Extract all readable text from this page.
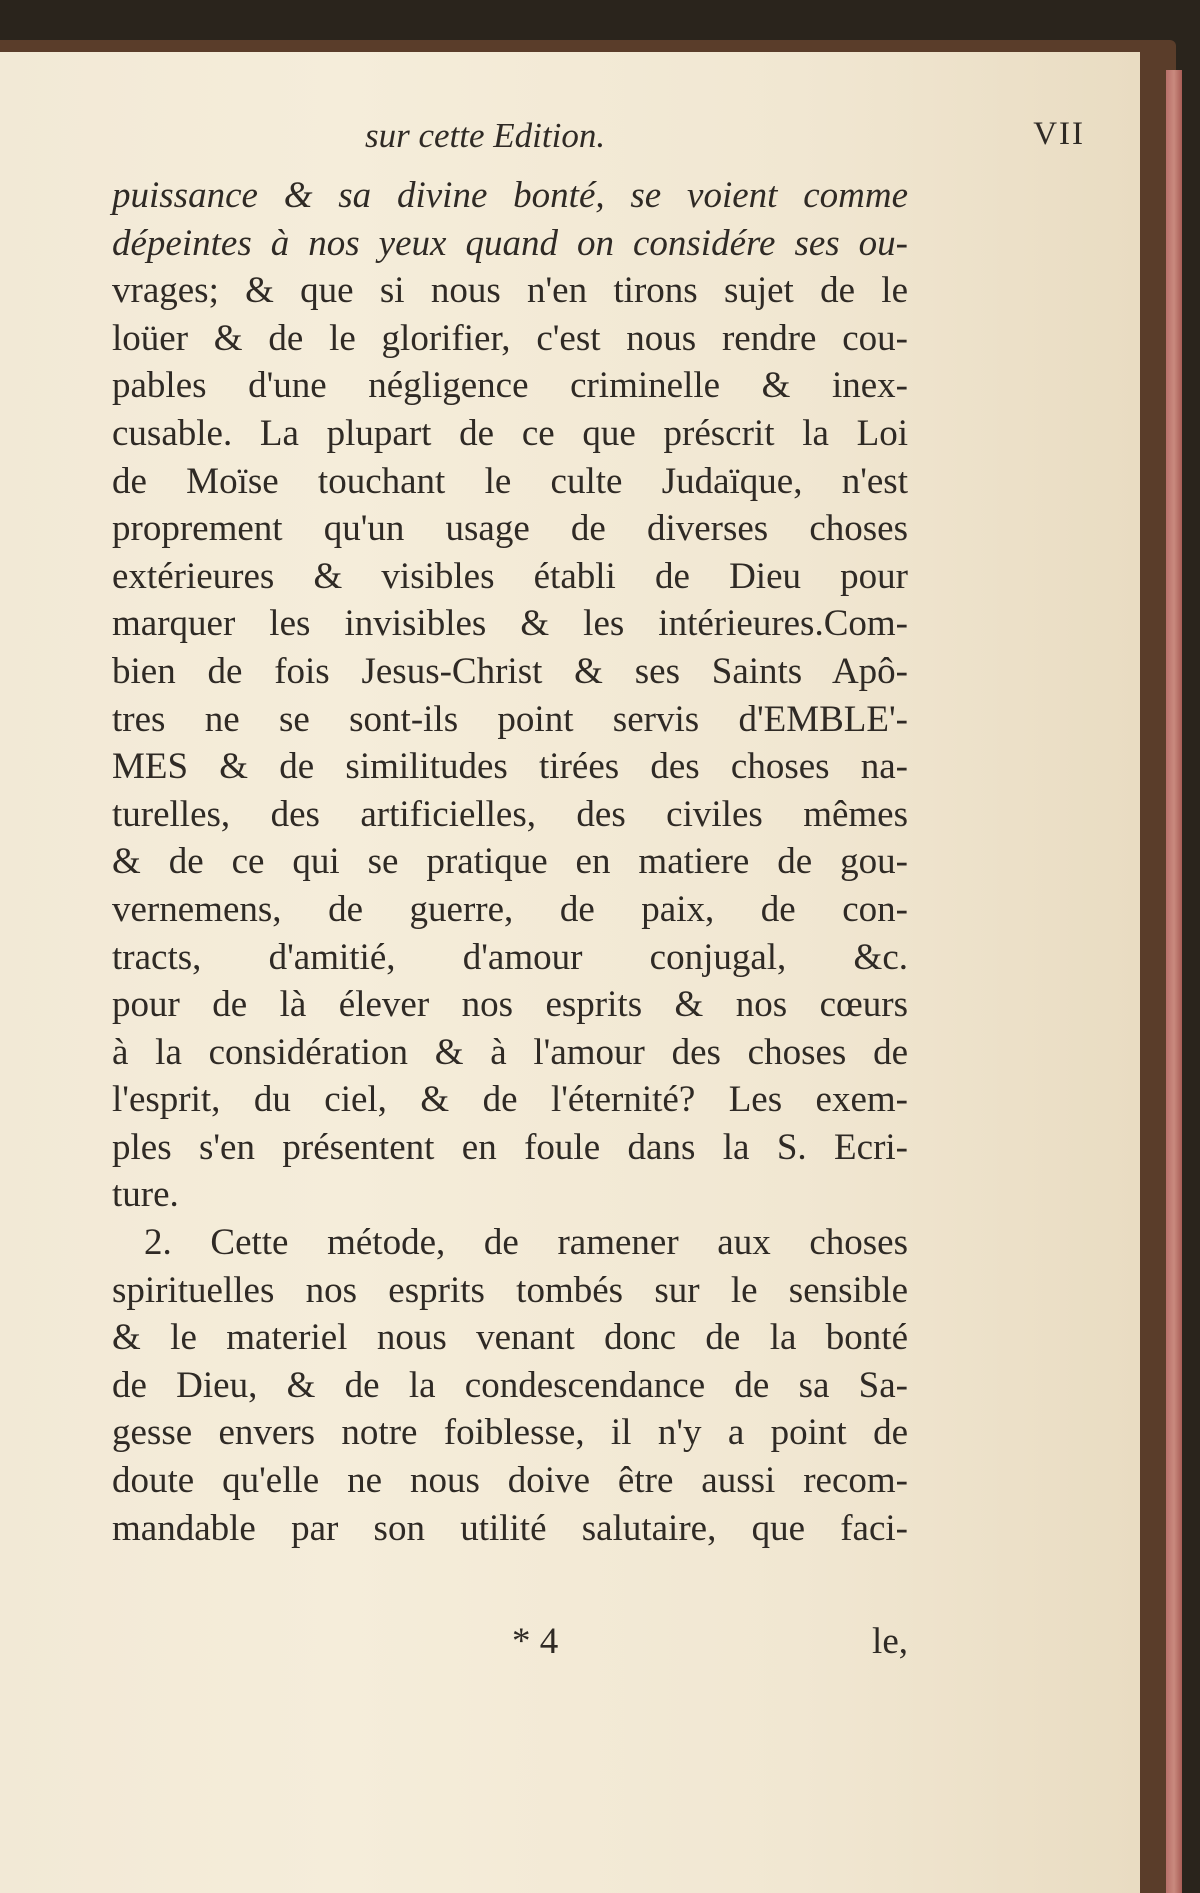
sur cette Edition.	VII
puissance & sa divine bonté, se voient comme
dépeintes à nos yeux quand on considére ses ou-
vrages; & que si nous n'en tirons sujet de le
loüer & de le glorifier, c'est nous rendre cou-
pables d'une négligence criminelle & inex-
cusable. La plupart de ce que préscrit la Loi
de Moïse touchant le culte Judaïque, n'est
proprement qu'un usage de diverses choses
extérieures & visibles établi de Dieu pour
marquer les invisibles & les intérieures.Com-
bien de fois Jesus-Christ & ses Saints Apô-
tres ne se sont-ils point servis d'EMBLE'-
MES & de similitudes tirées des choses na-
turelles, des artificielles, des civiles mêmes
& de ce qui se pratique en matiere de gou-
vernemens, de guerre, de paix, de con-
tracts, d'amitié, d'amour conjugal, &c.
pour de là élever nos esprits & nos cœurs
à la considération & à l'amour des choses de
l'esprit, du ciel, & de l'éternité? Les exem-
ples s'en présentent en foule dans la S. Ecri-
ture.
2. Cette métode, de ramener aux choses
spirituelles nos esprits tombés sur le sensible
& le materiel nous venant donc de la bonté
de Dieu, & de la condescendance de sa Sa-
gesse envers notre foiblesse, il n'y a point de
doute qu'elle ne nous doive être aussi recom-
mandable par son utilité salutaire, que faci-
* 4	le,
